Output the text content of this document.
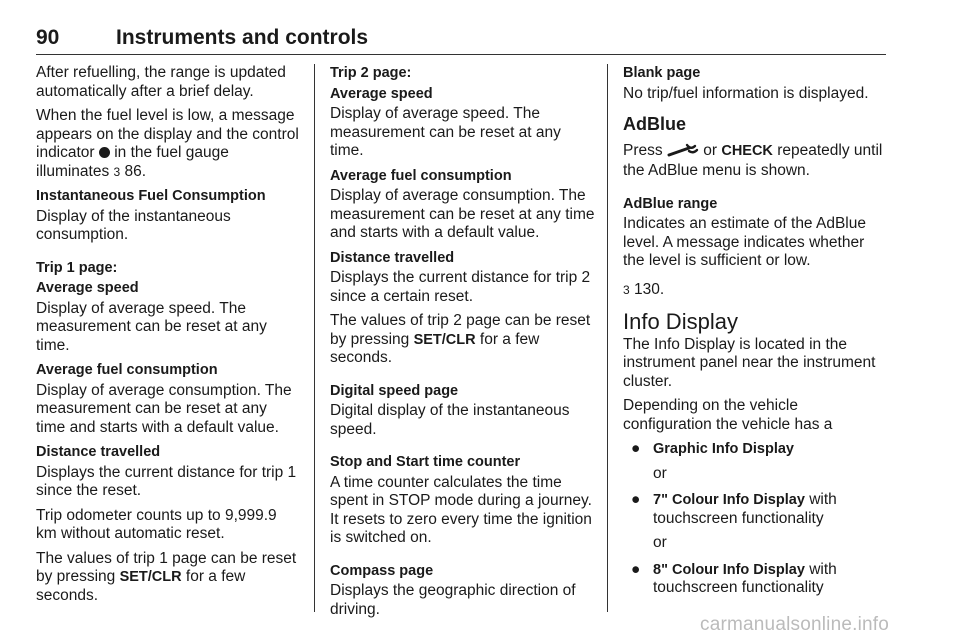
90	Instruments and controls

After refuelling, the range is updated automatically after a brief delay.

When the fuel level is low, a message appears on the display and the control indicator  in the fuel gauge illuminates 3 86.

Instantaneous Fuel Consumption

Display of the instantaneous consumption.

Trip 1 page:

Average speed

Display of average speed. The measurement can be reset at any time.

Average fuel consumption

Display of average consumption. The measurement can be reset at any time and starts with a default value.

Distance travelled

Displays the current distance for trip 1 since the reset.

Trip odometer counts up to 9,999.9 km without automatic reset.

The values of trip 1 page can be reset by pressing SET/CLR for a few seconds.

Trip 2 page:

Average speed

Display of average speed. The measurement can be reset at any time.

Average fuel consumption

Display of average consumption. The measurement can be reset at any time and starts with a default value.

Distance travelled

Displays the current distance for trip 2 since a certain reset.

The values of trip 2 page can be reset by pressing SET/CLR for a few seconds.

Digital speed page

Digital display of the instantaneous speed.

Stop and Start time counter

A time counter calculates the time spent in STOP mode during a journey. It resets to zero every time the ignition is switched on.

Compass page

Displays the geographic direction of driving.

Blank page

No trip/fuel information is displayed.

AdBlue

Press  or CHECK repeatedly until the AdBlue menu is shown.

AdBlue range

Indicates an estimate of the AdBlue level. A message indicates whether the level is sufficient or low.

3 130.

Info Display

The Info Display is located in the instrument panel near the instrument cluster.

Depending on the vehicle configuration the vehicle has a

● Graphic Info Display

or

● 7" Colour Info Display with touchscreen functionality

or

● 8" Colour Info Display with touchscreen functionality
carmanualsonline.info
